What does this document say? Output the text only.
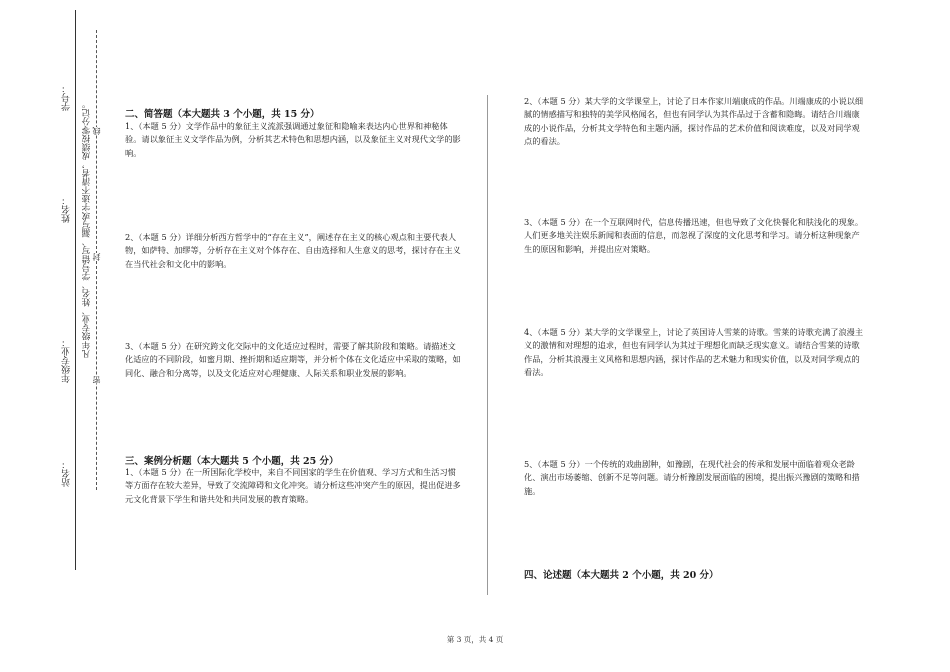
学号：
姓名：
年级专业：
站名：
凡年级专业、姓名、学号错写、漏写或字迹不清者，成绩按零分记。
密
封
线
二、简答题（本大题共 3 个小题，共 15 分）
1、（本题 5 分）文学作品中的象征主义流派强调通过象征和隐喻来表达内心世界和神秘体验。请以象征主义文学作品为例，分析其艺术特色和思想内涵，以及象征主义对现代文学的影响。
2、（本题 5 分）详细分析西方哲学中的“存在主义”，阐述存在主义的核心观点和主要代表人物，如萨特、加缪等，分析存在主义对个体存在、自由选择和人生意义的思考，探讨存在主义在当代社会和文化中的影响。
3、（本题 5 分）在研究跨文化交际中的文化适应过程时，需要了解其阶段和策略。请描述文化适应的不同阶段，如蜜月期、挫折期和适应期等，并分析个体在文化适应中采取的策略，如同化、融合和分离等，以及文化适应对心理健康、人际关系和职业发展的影响。
三、案例分析题（本大题共 5 个小题，共 25 分）
1、（本题 5 分）在一所国际化学校中，来自不同国家的学生在价值观、学习方式和生活习惯等方面存在较大差异，导致了交流障碍和文化冲突。请分析这些冲突产生的原因，提出促进多元文化背景下学生和谐共处和共同发展的教育策略。
2、（本题 5 分）某大学的文学课堂上，讨论了日本作家川端康成的作品。川端康成的小说以细腻的情感描写和独特的美学风格闻名，但也有同学认为其作品过于含蓄和隐晦。请结合川端康成的小说作品，分析其文学特色和主题内涵，探讨作品的艺术价值和阅读难度，以及对同学观点的看法。
3、（本题 5 分）在一个互联网时代，信息传播迅速，但也导致了文化快餐化和肤浅化的现象。人们更多地关注娱乐新闻和表面的信息，而忽视了深度的文化思考和学习。请分析这种现象产生的原因和影响，并提出应对策略。
4、（本题 5 分）某大学的文学课堂上，讨论了英国诗人雪莱的诗歌。雪莱的诗歌充满了浪漫主义的激情和对理想的追求，但也有同学认为其过于理想化而缺乏现实意义。请结合雪莱的诗歌作品，分析其浪漫主义风格和思想内涵，探讨作品的艺术魅力和现实价值，以及对同学观点的看法。
5、（本题 5 分）一个传统的戏曲剧种，如豫剧，在现代社会的传承和发展中面临着观众老龄化、演出市场萎缩、创新不足等问题。请分析豫剧发展面临的困境，提出振兴豫剧的策略和措施。
四、论述题（本大题共 2 个小题，共 20 分）
第 3 页，共 4 页
